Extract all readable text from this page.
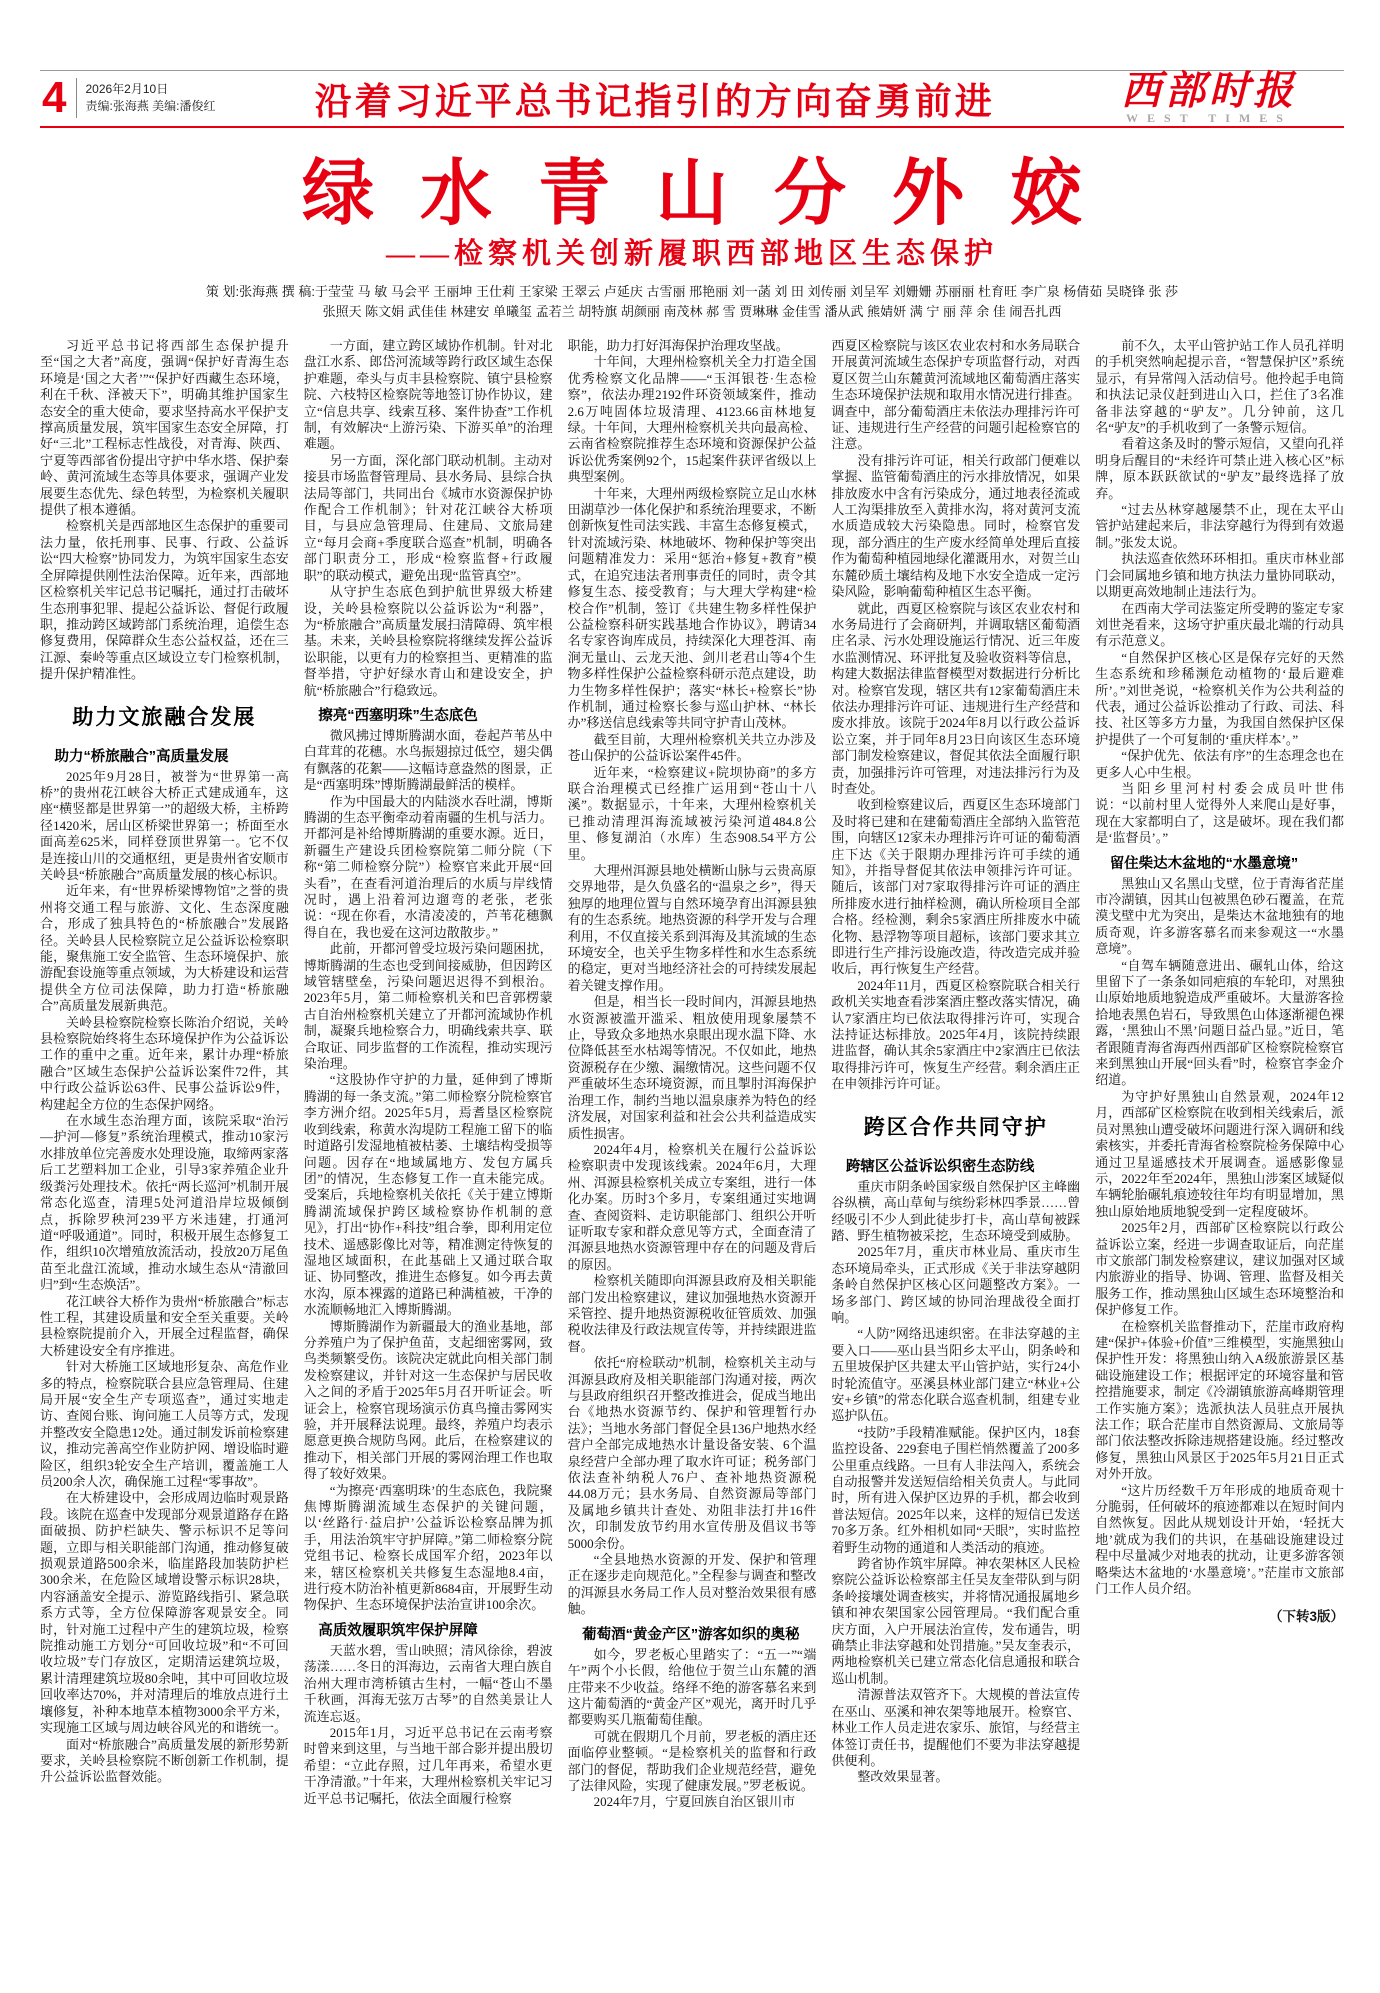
4	2026年2月10日
责编:张海燕 美编:潘俊红	沿着习近平总书记指引的方向奋勇前进	西部时报
WEST TIMES
绿水青山分外姣
——检察机关创新履职西部地区生态保护
策 划:张海燕 撰 稿:于莹莹 马 敏 马会平 王丽坤 王仕莉 王家梁 王翠云 卢延庆 古雪丽 邢艳丽 刘一菡 刘 田 刘传丽 刘呈军 刘姗姗 苏丽丽 杜育旺 李广泉 杨倩茹 吴晓锋 张 莎
张照天 陈文娟 武佳佳 林建安 单曦玺 孟若兰 胡特旗 胡颜丽 南茂林 郝 雪 贾琳琳 金佳雪 潘从武 熊婧妍 满 宁 丽 萍 余 佳 闹吾扎西

习近平总书记将西部生态保护提升至“国之大者”高度，强调“保护好青海生态环境是‘国之大者’”“保护好西藏生态环境，利在千秋、泽被天下”，明确其维护国家生态安全的重大使命，要求坚持高水平保护支撑高质量发展，筑牢国家生态安全屏障，打好“三北”工程标志性战役，对青海、陕西、宁夏等西部省份提出守护中华水塔、保护秦岭、黄河流域生态等具体要求，强调产业发展要生态优先、绿色转型，为检察机关履职提供了根本遵循。

检察机关是西部地区生态保护的重要司法力量，依托刑事、民事、行政、公益诉讼“四大检察”协同发力，为筑牢国家生态安全屏障提供刚性法治保障。近年来，西部地区检察机关牢记总书记嘱托，通过打击破坏生态刑事犯罪、提起公益诉讼、督促行政履职，推动跨区域跨部门系统治理，追偿生态修复费用，保障群众生态公益权益，还在三江源、秦岭等重点区域设立专门检察机制，提升保护精准性。

助力文旅融合发展
助力“桥旅融合”高质量发展

2025年9月28日，被誉为“世界第一高桥”的贵州花江峡谷大桥正式建成通车，这座“横竖都是世界第一”的超级大桥，主桥跨径1420米，居山区桥梁世界第一；桥面至水面高差625米，同样登顶世界第一。它不仅是连接山川的交通枢纽，更是贵州省安顺市关岭县“桥旅融合”高质量发展的核心标识。

近年来，有“世界桥梁博物馆”之誉的贵州将交通工程与旅游、文化、生态深度融合，形成了独具特色的“桥旅融合”发展路径。关岭县人民检察院立足公益诉讼检察职能，聚焦施工安全监管、生态环境保护、旅游配套设施等重点领域，为大桥建设和运营提供全方位司法保障，助力打造“桥旅融合”高质量发展新典范。

关岭县检察院检察长陈治介绍说，关岭县检察院始终将生态环境保护作为公益诉讼工作的重中之重。近年来，累计办理“桥旅融合”区域生态保护公益诉讼案件72件，其中行政公益诉讼63件、民事公益诉讼9件，构建起全方位的生态保护网络。

在水域生态治理方面，该院采取“治污—护河—修复”系统治理模式，推动10家污水排放单位完善废水处理设施，取缔两家落后工艺塑料加工企业，引导3家养殖企业升级粪污处理技术。依托“两长巡河”机制开展常态化巡查，清理5处河道沿岸垃圾倾倒点，拆除罗秧河239平方米违建，打通河道“呼吸通道”。同时，积极开展生态修复工作，组织10次增殖放流活动，投放20万尾鱼苗至北盘江流域，推动水域生态从“清澈回归”到“生态焕活”。

花江峡谷大桥作为贵州“桥旅融合”标志性工程，其建设质量和安全至关重要。关岭县检察院提前介入，开展全过程监督，确保大桥建设安全有序推进。

针对大桥施工区域地形复杂、高危作业多的特点，检察院联合县应急管理局、住建局开展“安全生产专项巡查”，通过实地走访、查阅台账、询问施工人员等方式，发现并整改安全隐患12处。通过制发诉前检察建议，推动完善高空作业防护网、增设临时避险区，组织3轮安全生产培训，覆盖施工人员200余人次，确保施工过程“零事故”。

在大桥建设中，会形成周边临时观景路段。该院在巡查中发现部分观景道路存在路面破损、防护栏缺失、警示标识不足等问题，立即与相关职能部门沟通，推动修复破损观景道路500余米，临崖路段加装防护栏300余米，在危险区域增设警示标识28块，内容涵盖安全提示、游览路线指引、紧急联系方式等，全方位保障游客观景安全。同时，针对施工过程中产生的建筑垃圾，检察院推动施工方划分“可回收垃圾”和“不可回收垃圾”专门存放区，定期清运建筑垃圾，累计清理建筑垃圾80余吨，其中可回收垃圾回收率达70%，并对清理后的堆放点进行土壤修复，补种本地草本植物3000余平方米，实现施工区域与周边峡谷风光的和谐统一。

面对“桥旅融合”高质量发展的新形势新要求，关岭县检察院不断创新工作机制，提升公益诉讼监督效能。

一方面，建立跨区域协作机制。针对北盘江水系、郎岱河流域等跨行政区域生态保护难题，牵头与贞丰县检察院、镇宁县检察院、六枝特区检察院等地签订协作协议，建立“信息共享、线索互移、案件协查”工作机制，有效解决“上游污染、下游买单”的治理难题。

另一方面，深化部门联动机制。主动对接县市场监督管理局、县水务局、县综合执法局等部门，共同出台《城市水资源保护协作配合工作机制》；针对花江峡谷大桥项目，与县应急管理局、住建局、文旅局建立“每月会商+季度联合巡查”机制，明确各部门职责分工，形成“检察监督+行政履职”的联动模式，避免出现“监管真空”。

从守护生态底色到护航世界级大桥建设，关岭县检察院以公益诉讼为“利器”，为“桥旅融合”高质量发展扫清障碍、筑牢根基。未来，关岭县检察院将继续发挥公益诉讼职能，以更有力的检察担当、更精准的监督举措，守护好绿水青山和建设安全，护航“桥旅融合”行稳致远。

擦亮“西塞明珠”生态底色

微风拂过博斯腾湖水面，卷起芦苇丛中白茸茸的花穗。水鸟振翅掠过低空，翅尖偶有飘落的花絮——这幅诗意盎然的图景，正是“西塞明珠”博斯腾湖最鲜活的模样。

作为中国最大的内陆淡水吞吐湖，博斯腾湖的生态平衡牵动着南疆的生机与活力。开都河是补给博斯腾湖的重要水源。近日，新疆生产建设兵团检察院第二师分院（下称“第二师检察分院”）检察官来此开展“回头看”，在查看河道治理后的水质与岸线情况时，遇上沿着河边遛弯的老张，老张说：“现在你看，水清凌凌的，芦苇花穗飘得自在，我也爱在这河边散散步。”

此前，开都河曾受垃圾污染问题困扰，博斯腾湖的生态也受到间接威胁，但因跨区域管辖壁垒，污染问题迟迟得不到根治。2023年5月，第二师检察机关和巴音郭楞蒙古自治州检察机关建立了开都河流域协作机制，凝聚兵地检察合力，明确线索共享、联合取证、同步监督的工作流程，推动实现污染治理。

“这股协作守护的力量，延伸到了博斯腾湖的每一条支流。”第二师检察分院检察官李方洲介绍。2025年5月，焉耆垦区检察院收到线索，称黄水沟堤防工程施工留下的临时道路引发湿地植被枯萎、土壤结构受损等问题。因存在“地域属地方、发包方属兵团”的情况，生态修复工作一直未能完成。受案后，兵地检察机关依托《关于建立博斯腾湖流域保护跨区域检察协作机制的意见》，打出“协作+科技”组合拳，即利用定位技术、遥感影像比对等，精准测定待恢复的湿地区域面积，在此基础上又通过联合取证、协同整改，推进生态修复。如今再去黄水沟，原本裸露的道路已种满植被，干净的水流顺畅地汇入博斯腾湖。

博斯腾湖作为新疆最大的渔业基地，部分养殖户为了保护鱼苗，支起细密雾网，致鸟类频繁受伤。该院决定就此向相关部门制发检察建议，并针对这一生态保护与居民收入之间的矛盾于2025年5月召开听证会。听证会上，检察官现场演示仿真鸟撞击雾网实验，并开展释法说理。最终，养殖户均表示愿意更换合规防鸟网。此后，在检察建议的推动下，相关部门开展的雾网治理工作也取得了较好效果。

“为擦亮‘西塞明珠’的生态底色，我院聚焦博斯腾湖流域生态保护的关键问题，以‘丝路行·益启护’公益诉讼检察品牌为抓手，用法治筑牢守护屏障。”第二师检察分院党组书记、检察长成国军介绍，2023年以来，辖区检察机关共修复生态湿地8.4亩，进行疫木防治补植更新8684亩，开展野生动物保护、生态环境保护法治宣讲100余次。

高质效履职筑牢保护屏障

天蓝水碧，雪山映照；清风徐徐，碧波荡漾……冬日的洱海边，云南省大理白族自治州大理市湾桥镇古生村，一幅“苍山不墨千秋画，洱海无弦万古琴”的自然美景让人流连忘返。

2015年1月，习近平总书记在云南考察时曾来到这里，与当地干部合影并提出殷切希望：“立此存照，过几年再来，希望水更干净清澈。”十年来，大理州检察机关牢记习近平总书记嘱托，依法全面履行检察

职能，助力打好洱海保护治理攻坚战。

十年间，大理州检察机关全力打造全国优秀检察文化品牌——“玉洱银苍·生态检察”，依法办理2192件环资领域案件，推动2.6万吨固体垃圾清理、4123.66亩林地复绿。十年间，大理州检察机关共向最高检、云南省检察院推荐生态环境和资源保护公益诉讼优秀案例92个，15起案件获评省级以上典型案例。

十年来，大理州两级检察院立足山水林田湖草沙一体化保护和系统治理要求，不断创新恢复性司法实践、丰富生态修复模式，针对流域污染、林地破坏、物种保护等突出问题精准发力：采用“惩治+修复+教育”模式，在追究违法者刑事责任的同时，责令其修复生态、接受教育；与大理大学构建“检校合作”机制，签订《共建生物多样性保护公益检察科研实践基地合作协议》，聘请34名专家咨询库成员，持续深化大理苍洱、南涧无量山、云龙天池、剑川老君山等4个生物多样性保护公益检察科研示范点建设，助力生物多样性保护；落实“林长+检察长”协作机制，通过检察长参与巡山护林、“林长办”移送信息线索等共同守护青山茂林。

截至目前，大理州检察机关共立办涉及苍山保护的公益诉讼案件45件。

近年来，“检察建议+院坝协商”的多方联合治理模式已经推广运用到“苍山十八溪”。数据显示，十年来，大理州检察机关已推动清理洱海流域被污染河道484.8公里、修复湖泊（水库）生态908.54平方公里。

大理州洱源县地处横断山脉与云贵高原交界地带，是久负盛名的“温泉之乡”，得天独厚的地理位置与自然环境孕育出洱源县独有的生态系统。地热资源的科学开发与合理利用，不仅直接关系到洱海及其流域的生态环境安全，也关乎生物多样性和水生态系统的稳定，更对当地经济社会的可持续发展起着关键支撑作用。

但是，相当长一段时间内，洱源县地热水资源被滥开滥采、粗放使用现象屡禁不止，导致众多地热水泉眼出现水温下降、水位降低甚至水枯竭等情况。不仅如此，地热资源税存在少缴、漏缴情况。这些问题不仅严重破坏生态环境资源，而且掣肘洱海保护治理工作，制约当地以温泉康养为特色的经济发展，对国家利益和社会公共利益造成实质性损害。

2024年4月，检察机关在履行公益诉讼检察职责中发现该线索。2024年6月，大理州、洱源县检察机关成立专案组，进行一体化办案。历时3个多月，专案组通过实地调查、查阅资料、走访职能部门、组织公开听证听取专家和群众意见等方式，全面查清了洱源县地热水资源管理中存在的问题及背后的原因。

检察机关随即向洱源县政府及相关职能部门发出检察建议，建议加强地热水资源开采管控、提升地热资源税收征管质效、加强税收法律及行政法规宣传等，并持续跟进监督。

依托“府检联动”机制，检察机关主动与洱源县政府及相关职能部门沟通对接，两次与县政府组织召开整改推进会，促成当地出台《地热水资源节约、保护和管理暂行办法》；当地水务部门督促全县136户地热水经营户全部完成地热水计量设备安装、6个温泉经营户全部办理了取水许可证；税务部门依法查补纳税人76户、查补地热资源税44.08万元；县水务局、自然资源局等部门及属地乡镇共计查处、劝阻非法打井16件次，印制发放节约用水宣传册及倡议书等5000余份。

“全县地热水资源的开发、保护和管理正在逐步走向规范化。”全程参与调查和整改的洱源县水务局工作人员对整治效果很有感触。

葡萄酒“黄金产区”游客如织的奥秘

如今，罗老板心里踏实了：“五一”“端午”两个小长假，给他位于贺兰山东麓的酒庄带来不少收益。络绎不绝的游客慕名来到这片葡萄酒的“黄金产区”观光，离开时几乎都要购买几瓶葡萄佳酿。

可就在假期几个月前，罗老板的酒庄还面临停业整顿。“是检察机关的监督和行政部门的督促，帮助我们企业规范经营，避免了法律风险，实现了健康发展。”罗老板说。

2024年7月，宁夏回族自治区银川市

西夏区检察院与该区农业农村和水务局联合开展黄河流域生态保护专项监督行动，对西夏区贺兰山东麓黄河流域地区葡萄酒庄落实生态环境保护法规和取用水情况进行排查。调查中，部分葡萄酒庄未依法办理排污许可证、违规进行生产经营的问题引起检察官的注意。

没有排污许可证，相关行政部门便难以掌握、监管葡萄酒庄的污水排放情况，如果排放废水中含有污染成分，通过地表径流或人工沟渠排放至入黄排水沟，将对黄河支流水质造成较大污染隐患。同时，检察官发现，部分酒庄的生产废水经简单处理后直接作为葡萄种植园地绿化灌溉用水，对贺兰山东麓砂质土壤结构及地下水安全造成一定污染风险，影响葡萄种植区生态平衡。

就此，西夏区检察院与该区农业农村和水务局进行了会商研判，并调取辖区葡萄酒庄名录、污水处理设施运行情况、近三年废水监测情况、环评批复及验收资料等信息，构建大数据法律监督模型对数据进行分析比对。检察官发现，辖区共有12家葡萄酒庄未依法办理排污许可证、违规进行生产经营和废水排放。该院于2024年8月以行政公益诉讼立案，并于同年8月23日向该区生态环境部门制发检察建议，督促其依法全面履行职责，加强排污许可管理，对违法排污行为及时查处。

收到检察建议后，西夏区生态环境部门及时将已建和在建葡萄酒庄全部纳入监管范围，向辖区12家未办理排污许可证的葡萄酒庄下达《关于限期办理排污许可手续的通知》，并指导督促其依法申领排污许可证。随后，该部门对7家取得排污许可证的酒庄所排废水进行抽样检测，确认所检项目全部合格。经检测，剩余5家酒庄所排废水中硫化物、悬浮物等项目超标，该部门要求其立即进行生产排污设施改造，待改造完成并验收后，再行恢复生产经营。

2024年11月，西夏区检察院联合相关行政机关实地查看涉案酒庄整改落实情况，确认7家酒庄均已依法取得排污许可，实现合法持证达标排放。2025年4月，该院持续跟进监督，确认其余5家酒庄中2家酒庄已依法取得排污许可，恢复生产经营。剩余酒庄正在申领排污许可证。

跨区合作共同守护
跨辖区公益诉讼织密生态防线

重庆市阴条岭国家级自然保护区主峰幽谷纵横，高山草甸与缤纷彩林四季景……曾经吸引不少人到此徒步打卡，高山草甸被踩踏、野生植物被采挖，生态环境受到威胁。

2025年7月，重庆市林业局、重庆市生态环境局牵头，正式形成《关于非法穿越阴条岭自然保护区核心区问题整改方案》。一场多部门、跨区域的协同治理战役全面打响。

“人防”网络迅速织密。在非法穿越的主要入口——巫山县当阳乡太平山，阴条岭和五里坡保护区共建太平山管护站，实行24小时轮流值守。巫溪县林业部门建立“林业+公安+乡镇”的常态化联合巡查机制，组建专业巡护队伍。

“技防”手段精准赋能。保护区内，18套监控设备、229套电子围栏悄然覆盖了200多公里重点线路。一旦有人非法闯入，系统会自动报警并发送短信给相关负责人。与此同时，所有进入保护区边界的手机，都会收到普法短信。2025年以来，这样的短信已发送70多万条。红外相机如同“天眼”，实时监控着野生动物的通道和人类活动的痕迹。

跨省协作筑牢屏障。神农架林区人民检察院公益诉讼检察部主任吴友奎带队到与阴条岭接壤处调查核实，并将情况通报属地乡镇和神农架国家公园管理局。“我们配合重庆方面，入户开展法治宣传，发布通告，明确禁止非法穿越和处罚措施。”吴友奎表示，两地检察机关已建立常态化信息通报和联合巡山机制。

清源普法双管齐下。大规模的普法宣传在巫山、巫溪和神农架等地展开。检察官、林业工作人员走进农家乐、旅馆，与经营主体签订责任书，提醒他们不要为非法穿越提供便利。

整改效果显著。

前不久，太平山管护站工作人员孔祥明的手机突然响起提示音，“智慧保护区”系统显示，有异常闯入活动信号。他拎起手电筒和执法记录仪赶到进山入口，拦住了3名准备非法穿越的“驴友”。几分钟前，这几名“驴友”的手机收到了一条警示短信。

看着这条及时的警示短信，又望向孔祥明身后醒目的“未经许可禁止进入核心区”标牌，原本跃跃欲试的“驴友”最终选择了放弃。

“过去丛林穿越屡禁不止，现在太平山管护站建起来后，非法穿越行为得到有效遏制。”张发太说。

执法巡查依然环环相扣。重庆市林业部门会同属地乡镇和地方执法力量协同联动，以期更高效地制止违法行为。

在西南大学司法鉴定所受聘的鉴定专家刘世尧看来，这场守护重庆最北端的行动具有示范意义。

“自然保护区核心区是保存完好的天然生态系统和珍稀濒危动植物的‘最后避难所’。”刘世尧说，“检察机关作为公共利益的代表，通过公益诉讼推动了行政、司法、科技、社区等多方力量，为我国自然保护区保护提供了一个可复制的‘重庆样本’。”

“保护优先、依法有序”的生态理念也在更多人心中生根。

当阳乡里河村村委会成员叶世伟说：“以前村里人觉得外人来爬山是好事，现在大家都明白了，这是破坏。现在我们都是‘监督员’。”

留住柴达木盆地的“水墨意境”

黑独山又名黑山戈壁，位于青海省茫崖市冷湖镇，因其山包被黑色砂石覆盖，在荒漠戈壁中尤为突出，是柴达木盆地独有的地质奇观，许多游客慕名而来参观这一“水墨意境”。

“自驾车辆随意进出、碾轧山体，给这里留下了一条条如同疤痕的车轮印，对黑独山原始地质地貌造成严重破坏。大量游客捡拾地表黑色岩石，导致黑色山体逐渐褪色裸露，‘黑独山不黑’问题日益凸显。”近日，笔者跟随青海省海西州西部矿区检察院检察官来到黑独山开展“回头看”时，检察官李金介绍道。

为守护好黑独山自然景观，2024年12月，西部矿区检察院在收到相关线索后，派员对黑独山遭受破坏问题进行深入调研和线索核实，并委托青海省检察院检务保障中心通过卫星遥感技术开展调查。遥感影像显示，2022年至2024年，黑独山涉案区域疑似车辆轮胎碾轧痕迹较往年均有明显增加，黑独山原始地质地貌受到一定程度破坏。

2025年2月，西部矿区检察院以行政公益诉讼立案，经进一步调查取证后，向茫崖市文旅部门制发检察建议，建议加强对区域内旅游业的指导、协调、管理、监督及相关服务工作，推动黑独山区域生态环境整治和保护修复工作。

在检察机关监督推动下，茫崖市政府构建“保护+体验+价值”三维模型，实施黑独山保护性开发：将黑独山纳入A级旅游景区基础设施建设工作；根据评定的环境容量和管控措施要求，制定《冷湖镇旅游高峰期管理工作实施方案》；选派执法人员驻点开展执法工作；联合茫崖市自然资源局、文旅局等部门依法整改拆除违规搭建设施。经过整改修复，黑独山风景区于2025年5月21日正式对外开放。

“这片历经数千万年形成的地质奇观十分脆弱，任何破坏的痕迹都难以在短时间内自然恢复。因此从规划设计开始，‘轻抚大地’就成为我们的共识，在基础设施建设过程中尽量减少对地表的扰动，让更多游客领略柴达木盆地的‘水墨意境’。”茫崖市文旅部门工作人员介绍。

（下转3版）
